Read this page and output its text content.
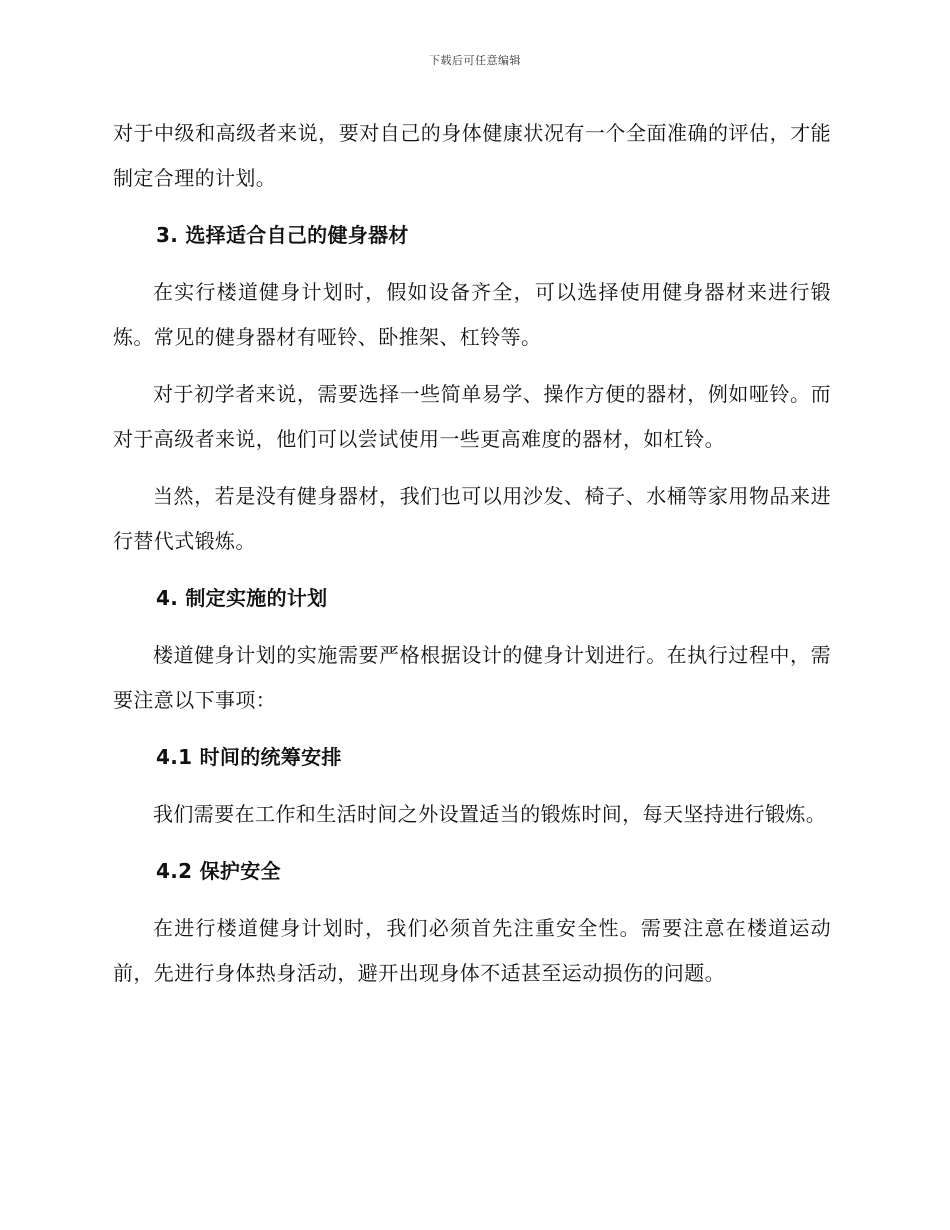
下载后可任意编辑

对于中级和高级者来说，要对自己的身体健康状况有一个全面准确的评估，才能制定合理的计划。

3. 选择适合自己的健身器材

在实行楼道健身计划时，假如设备齐全，可以选择使用健身器材来进行锻炼。常见的健身器材有哑铃、卧推架、杠铃等。

对于初学者来说，需要选择一些简单易学、操作方便的器材，例如哑铃。而对于高级者来说，他们可以尝试使用一些更高难度的器材，如杠铃。

当然，若是没有健身器材，我们也可以用沙发、椅子、水桶等家用物品来进行替代式锻炼。

4. 制定实施的计划

楼道健身计划的实施需要严格根据设计的健身计划进行。在执行过程中，需要注意以下事项：

4.1 时间的统筹安排

我们需要在工作和生活时间之外设置适当的锻炼时间，每天坚持进行锻炼。

4.2 保护安全

在进行楼道健身计划时，我们必须首先注重安全性。需要注意在楼道运动前，先进行身体热身活动，避开出现身体不适甚至运动损伤的问题。
